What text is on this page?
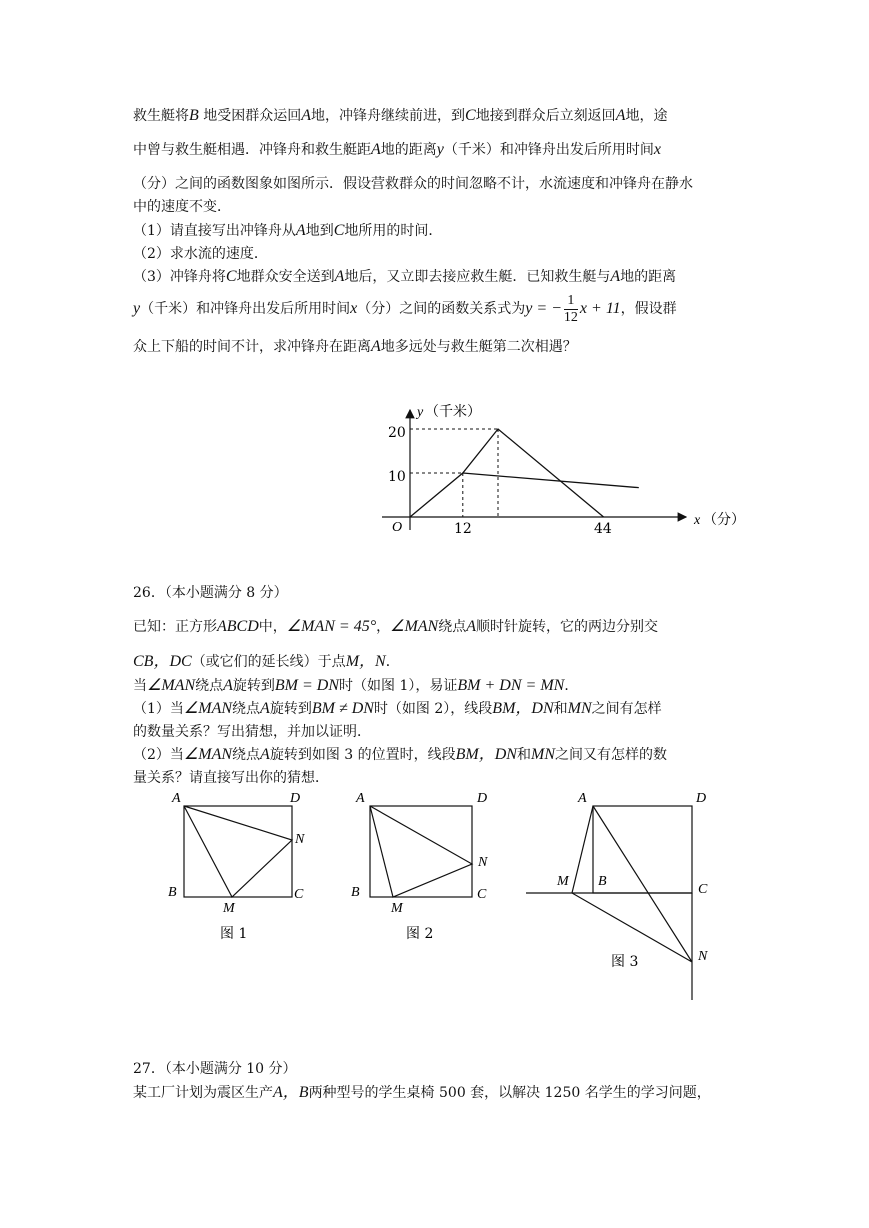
救生艇将B 地受困群众运回A地，冲锋舟继续前进，到C地接到群众后立刻返回A地，途
中曾与救生艇相遇．冲锋舟和救生艇距A地的距离y（千米）和冲锋舟出发后所用时间x
（分）之间的函数图象如图所示．假设营救群众的时间忽略不计，水流速度和冲锋舟在静水
中的速度不变．
（1）请直接写出冲锋舟从A地到C地所用的时间．
（2）求水流的速度．
（3）冲锋舟将C地群众安全送到A地后，又立即去接应救生艇．已知救生艇与A地的距离
y（千米）和冲锋舟出发后所用时间x（分）之间的函数关系式为y = − $\frac{1}{12}$ x + 11，假设群
众上下船的时间不计，求冲锋舟在距离A地多远处与救生艇第二次相遇？
y （千米）
x （分）
O
20
10
12	44
26．（本小题满分 8 分）
已知：正方形ABCD中，∠MAN = 45°，∠MAN绕点A顺时针旋转，它的两边分别交
CB，DC（或它们的延长线）于点M，N．
当∠MAN绕点A旋转到BM = DN时（如图 1），易证BM + DN = MN．
（1）当∠MAN绕点A旋转到BM ≠ DN时（如图 2），线段BM，DN和MN之间有怎样
的数量关系？写出猜想，并加以证明．
（2）当∠MAN绕点A旋转到如图 3 的位置时，线段BM，DN和MN之间又有怎样的数
量关系？请直接写出你的猜想．
A	D
N
B	C
M
图 1
A	D
N
B	C
M
图 2
A	D
M B
C
N
图 3
27．（本小题满分 10 分）
某工厂计划为震区生产A，B两种型号的学生桌椅 500 套，以解决 1250 名学生的学习问题，
